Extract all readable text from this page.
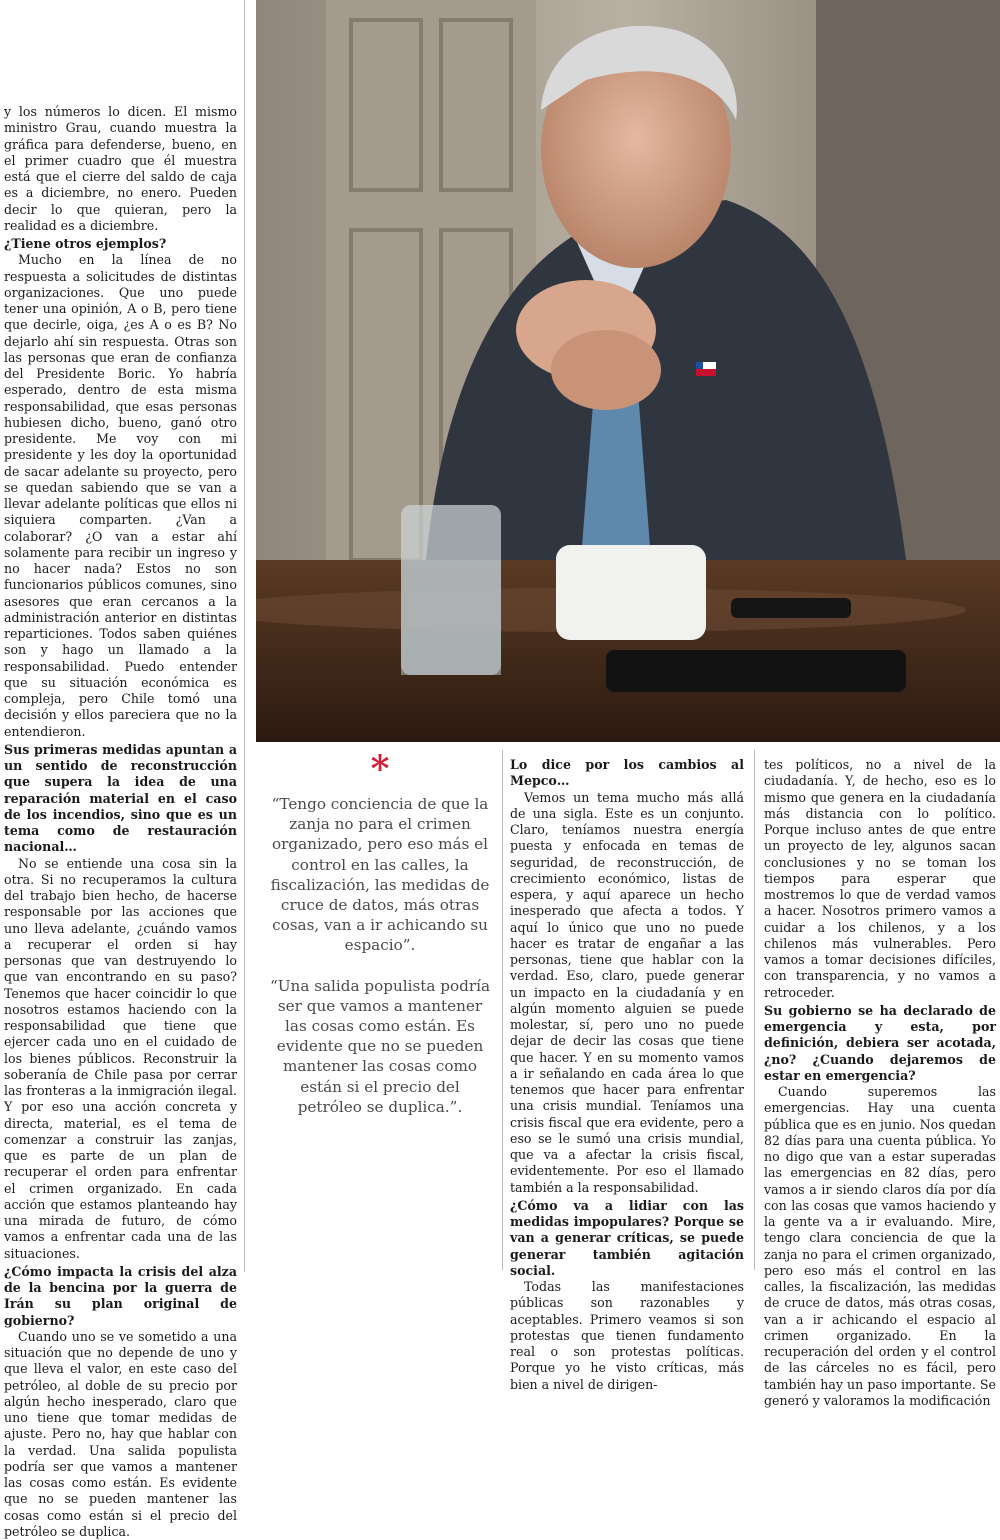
y los números lo dicen. El mismo ministro Grau, cuando muestra la gráfica para defenderse, bueno, en el primer cuadro que él muestra está que el cierre del saldo de caja es a diciembre, no enero. Pueden decir lo que quieran, pero la realidad es a diciembre.

¿Tiene otros ejemplos?

Mucho en la línea de no respuesta a solicitudes de distintas organizaciones. Que uno puede tener una opinión, A o B, pero tiene que decirle, oiga, ¿es A o es B? No dejarlo ahí sin respuesta. Otras son las personas que eran de confianza del Presidente Boric. Yo habría esperado, dentro de esta misma responsabilidad, que esas personas hubiesen dicho, bueno, ganó otro presidente. Me voy con mi presidente y les doy la oportunidad de sacar adelante su proyecto, pero se quedan sabiendo que se van a llevar adelante políticas que ellos ni siquiera comparten. ¿Van a colaborar? ¿O van a estar ahí solamente para recibir un ingreso y no hacer nada? Estos no son funcionarios públicos comunes, sino asesores que eran cercanos a la administración anterior en distintas reparticiones. Todos saben quiénes son y hago un llamado a la responsabilidad. Puedo entender que su situación económica es compleja, pero Chile tomó una decisión y ellos pareciera que no la entendieron.

Sus primeras medidas apuntan a un sentido de reconstrucción que supera la idea de una reparación material en el caso de los incendios, sino que es un tema como de restauración nacional…

No se entiende una cosa sin la otra. Si no recuperamos la cultura del trabajo bien hecho, de hacerse responsable por las acciones que uno lleva adelante, ¿cuándo vamos a recuperar el orden si hay personas que van destruyendo lo que van encontrando en su paso? Tenemos que hacer coincidir lo que nosotros estamos haciendo con la responsabilidad que tiene que ejercer cada uno en el cuidado de los bienes públicos. Reconstruir la soberanía de Chile pasa por cerrar las fronteras a la inmigración ilegal. Y por eso una acción concreta y directa, material, es el tema de comenzar a construir las zanjas, que es parte de un plan de recuperar el orden para enfrentar el crimen organizado. En cada acción que estamos planteando hay una mirada de futuro, de cómo vamos a enfrentar cada una de las situaciones.

¿Cómo impacta la crisis del alza de la bencina por la guerra de Irán su plan original de gobierno?

Cuando uno se ve sometido a una situación que no depende de uno y que lleva el valor, en este caso del petróleo, al doble de su precio por algún hecho inesperado, claro que uno tiene que tomar medidas de ajuste. Pero no, hay que hablar con la verdad. Una salida populista podría ser que vamos a mantener las cosas como están. Es evidente que no se pueden mantener las cosas como están si el precio del petróleo se duplica.

*

“Tengo conciencia de que la zanja no para el crimen organizado, pero eso más el control en las calles, la fiscalización, las medidas de cruce de datos, más otras cosas, van a ir achicando su espacio”.

“Una salida populista podría ser que vamos a mantener las cosas como están. Es evidente que no se pueden mantener las cosas como están si el precio del petróleo se duplica.”.

Lo dice por los cambios al Mepco…

Vemos un tema mucho más allá de una sigla. Este es un conjunto. Claro, teníamos nuestra energía puesta y enfocada en temas de seguridad, de reconstrucción, de crecimiento económico, listas de espera, y aquí aparece un hecho inesperado que afecta a todos. Y aquí lo único que uno no puede hacer es tratar de engañar a las personas, tiene que hablar con la verdad. Eso, claro, puede generar un impacto en la ciudadanía y en algún momento alguien se puede molestar, sí, pero uno no puede dejar de decir las cosas que tiene que hacer. Y en su momento vamos a ir señalando en cada área lo que tenemos que hacer para enfrentar una crisis mundial. Teníamos una crisis fiscal que era evidente, pero a eso se le sumó una crisis mundial, que va a afectar la crisis fiscal, evidentemente. Por eso el llamado también a la responsabilidad.

¿Cómo va a lidiar con las medidas impopulares? Porque se van a generar críticas, se puede generar también agitación social.

Todas las manifestaciones públicas son razonables y aceptables. Primero veamos si son protestas que tienen fundamento real o son protestas políticas. Porque yo he visto críticas, más bien a nivel de dirigen-

tes políticos, no a nivel de la ciudadanía. Y, de hecho, eso es lo mismo que genera en la ciudadanía más distancia con lo político. Porque incluso antes de que entre un proyecto de ley, algunos sacan conclusiones y no se toman los tiempos para esperar que mostremos lo que de verdad vamos a hacer. Nosotros primero vamos a cuidar a los chilenos, y a los chilenos más vulnerables. Pero vamos a tomar decisiones difíciles, con transparencia, y no vamos a retroceder.

Su gobierno se ha declarado de emergencia y esta, por definición, debiera ser acotada, ¿no? ¿Cuando dejaremos de estar en emergencia?

Cuando superemos las emergencias. Hay una cuenta pública que es en junio. Nos quedan 82 días para una cuenta pública. Yo no digo que van a estar superadas las emergencias en 82 días, pero vamos a ir siendo claros día por día con las cosas que vamos haciendo y la gente va a ir evaluando. Mire, tengo clara conciencia de que la zanja no para el crimen organizado, pero eso más el control en las calles, la fiscalización, las medidas de cruce de datos, más otras cosas, van a ir achicando el espacio al crimen organizado. En la recuperación del orden y el control de las cárceles no es fácil, pero también hay un paso importante. Se generó y valoramos la modificación
